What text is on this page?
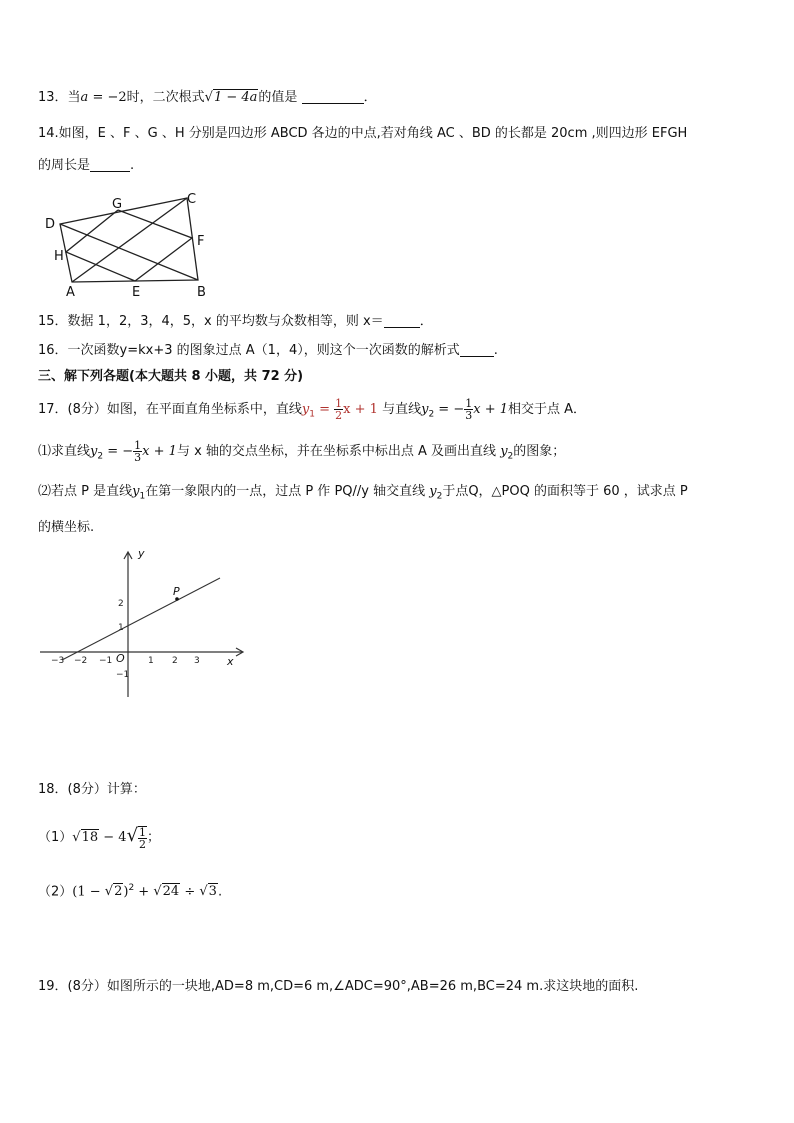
13．当a = −2时，二次根式√1 − 4a的值是	．
14.如图，E 、F 、G 、H 分别是四边形 ABCD 各边的中点,若对角线 AC 、BD 的长都是 20cm ,则四边形 EFGH
的周长是	.
D
G	C
F
H
A	E	B
15．数据 1，2，3，4，5，x 的平均数与众数相等，则 x＝	．
16．一次函数y=kx+3 的图象过点 A（1，4），则这个一次函数的解析式	.
三、解下列各题(本大题共 8 小题，共 72 分)
17．(8分）如图，在平面直角坐标系中，直线$y_1 = \frac{1}{2}$ x + 1 与直线$y_2$ = − $\frac{1}{3}$ x + 1相交于点 A．
⑴求直线$y_2$ = − $\frac{1}{3}$ x + 1与 x 轴的交点坐标，并在坐标系中标出点 A 及画出直线 $y_2$的图象；
⑵若点 P 是直线$y_1$在第一象限内的一点，过点 P 作 PQ//y 轴交直线 $y_2$于点Q，△POQ 的面积等于 60 ，试求点 P
的横坐标.
−3 −2 −1	1 2 3
2
1
−1
O
y
x
P
18．(8分）计算：
$(1)√18 - 4√ \frac{1}{2}$ ；
$(2)(1 - √2)^2 + √24 \div √3$.
19．(8分）如图所示的一块地,AD=8 m,CD=6 m,∠ADC=90°,AB=26 m,BC=24 m.求这块地的面积.
